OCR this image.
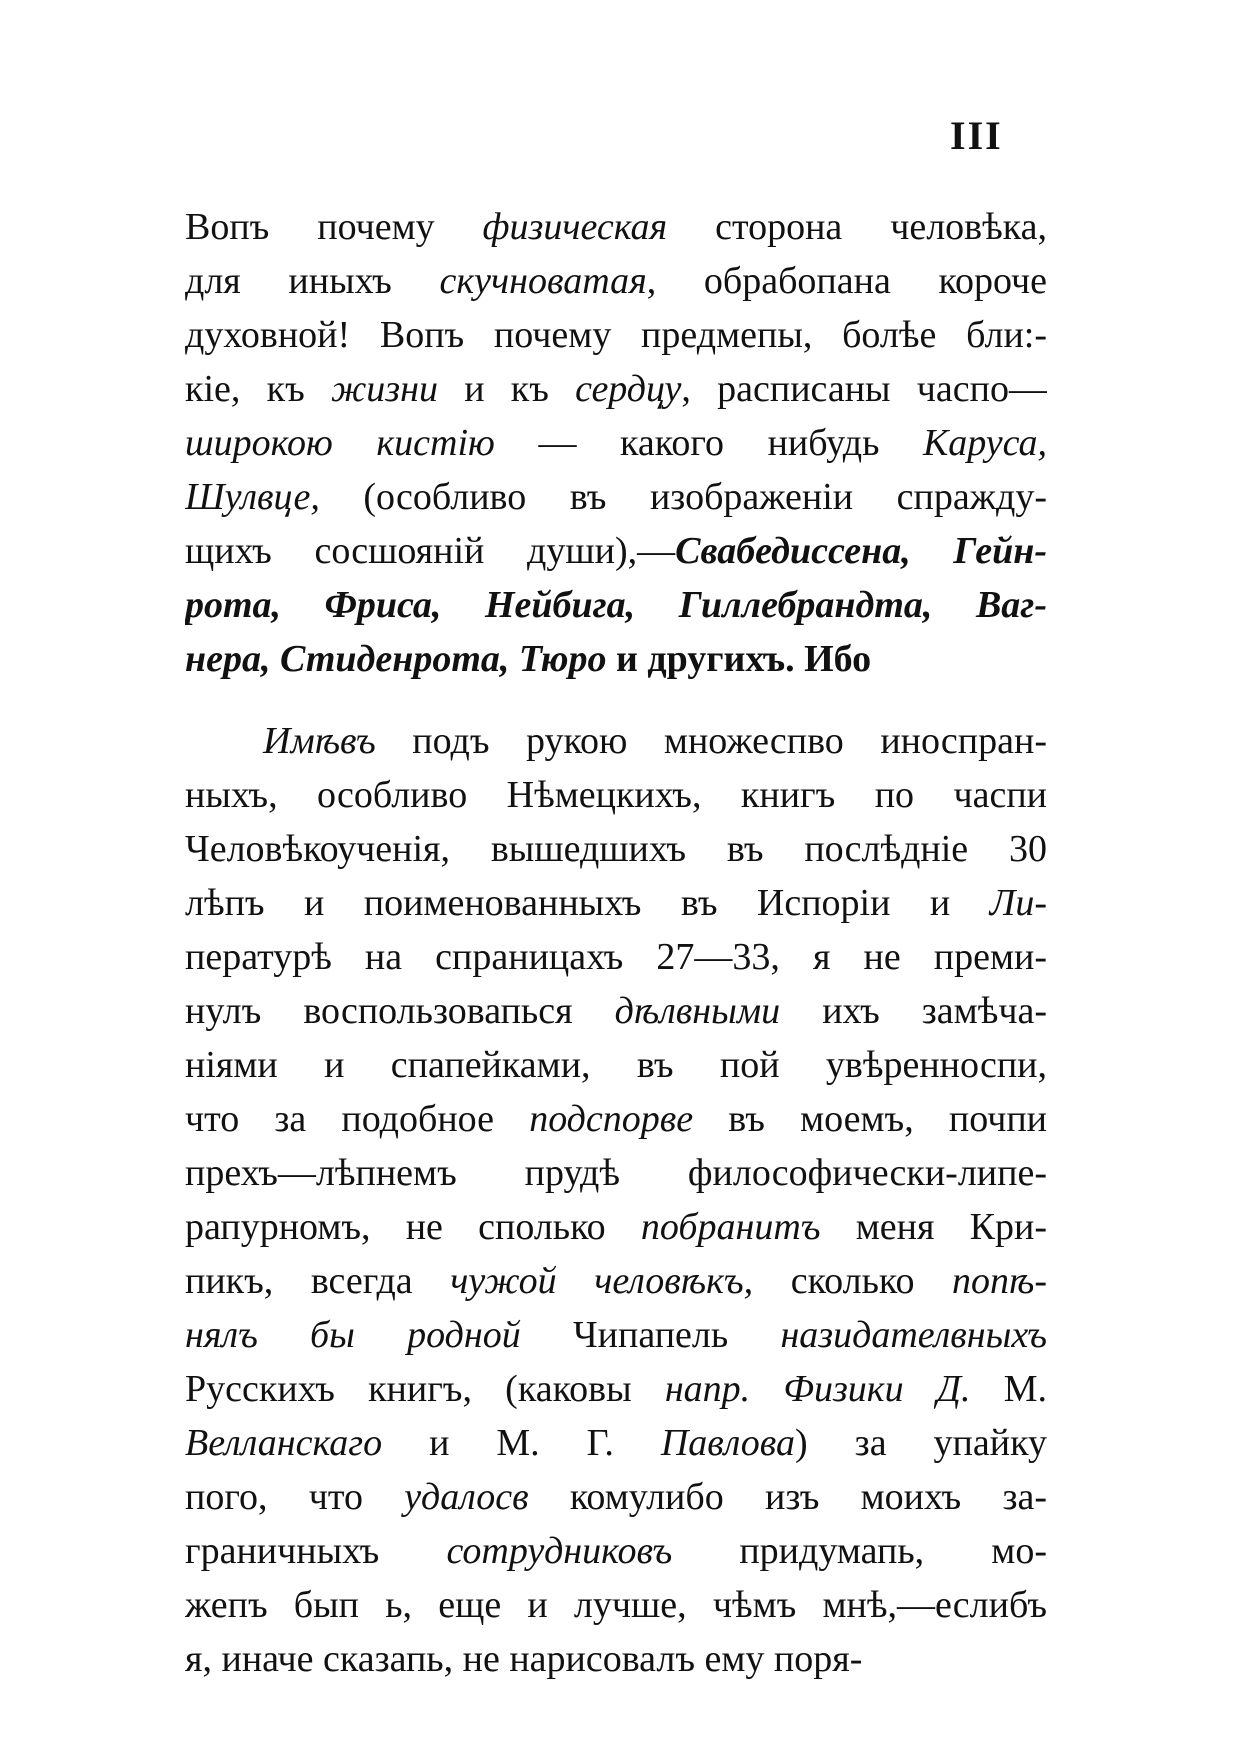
III
Вопъ почему физическая сторона человѣка,
для иныхъ скучноватая, обрабопана короче
духовной! Вопъ почему предмепы, болѣе бли:-
кіе, къ жизни и къ сердцу, расписаны часпо—
широкою кистію — какого нибудь Каруса,
Шулвце, (особливо въ изображеніи спраждy-
щихъ сосшояній души),—Свабедиссена, Гейн-
рота, Фриса, Нейбига, Гиллебрандта, Ваг-
нера, Стиденрота, Тюро и другихъ. Ибо
Имѣвъ подъ рукою множеспво иноспран-
ныхъ, особливо Нѣмецкихъ, книгъ по часпи
Человѣкоученія, вышедшихъ въ послѣдніе 30
лѣпъ и поименованныхъ въ Испоріи и Ли-
пературѣ на спраницахъ 27—33, я не преми-
нулъ воспользовапься дѣлвными ихъ замѣча-
ніями и спапейками, въ пой увѣренноспи,
что за подобное подспорве въ моемъ, почпи
прехъ—лѣпнемъ прудѣ философически-липе-
рапурномъ, не сполько побранитъ меня Кри-
пикъ, всегда чужой человѣкъ, сколько попѣ-
нялъ бы родной Чипапель назидателвныхъ
Русскихъ книгъ, (каковы напр. Физики Д. М.
Велланскаго и М. Г. Павлова) за упайку
пого, что удалосв комулибо изъ моихъ за-
граничныхъ сотрудниковъ придумапь, мо-
жепъ бып ь, еще и лучше, чѣмъ мнѣ,—еслибъ
я, иначе сказапь, не нарисовалъ ему поря-
